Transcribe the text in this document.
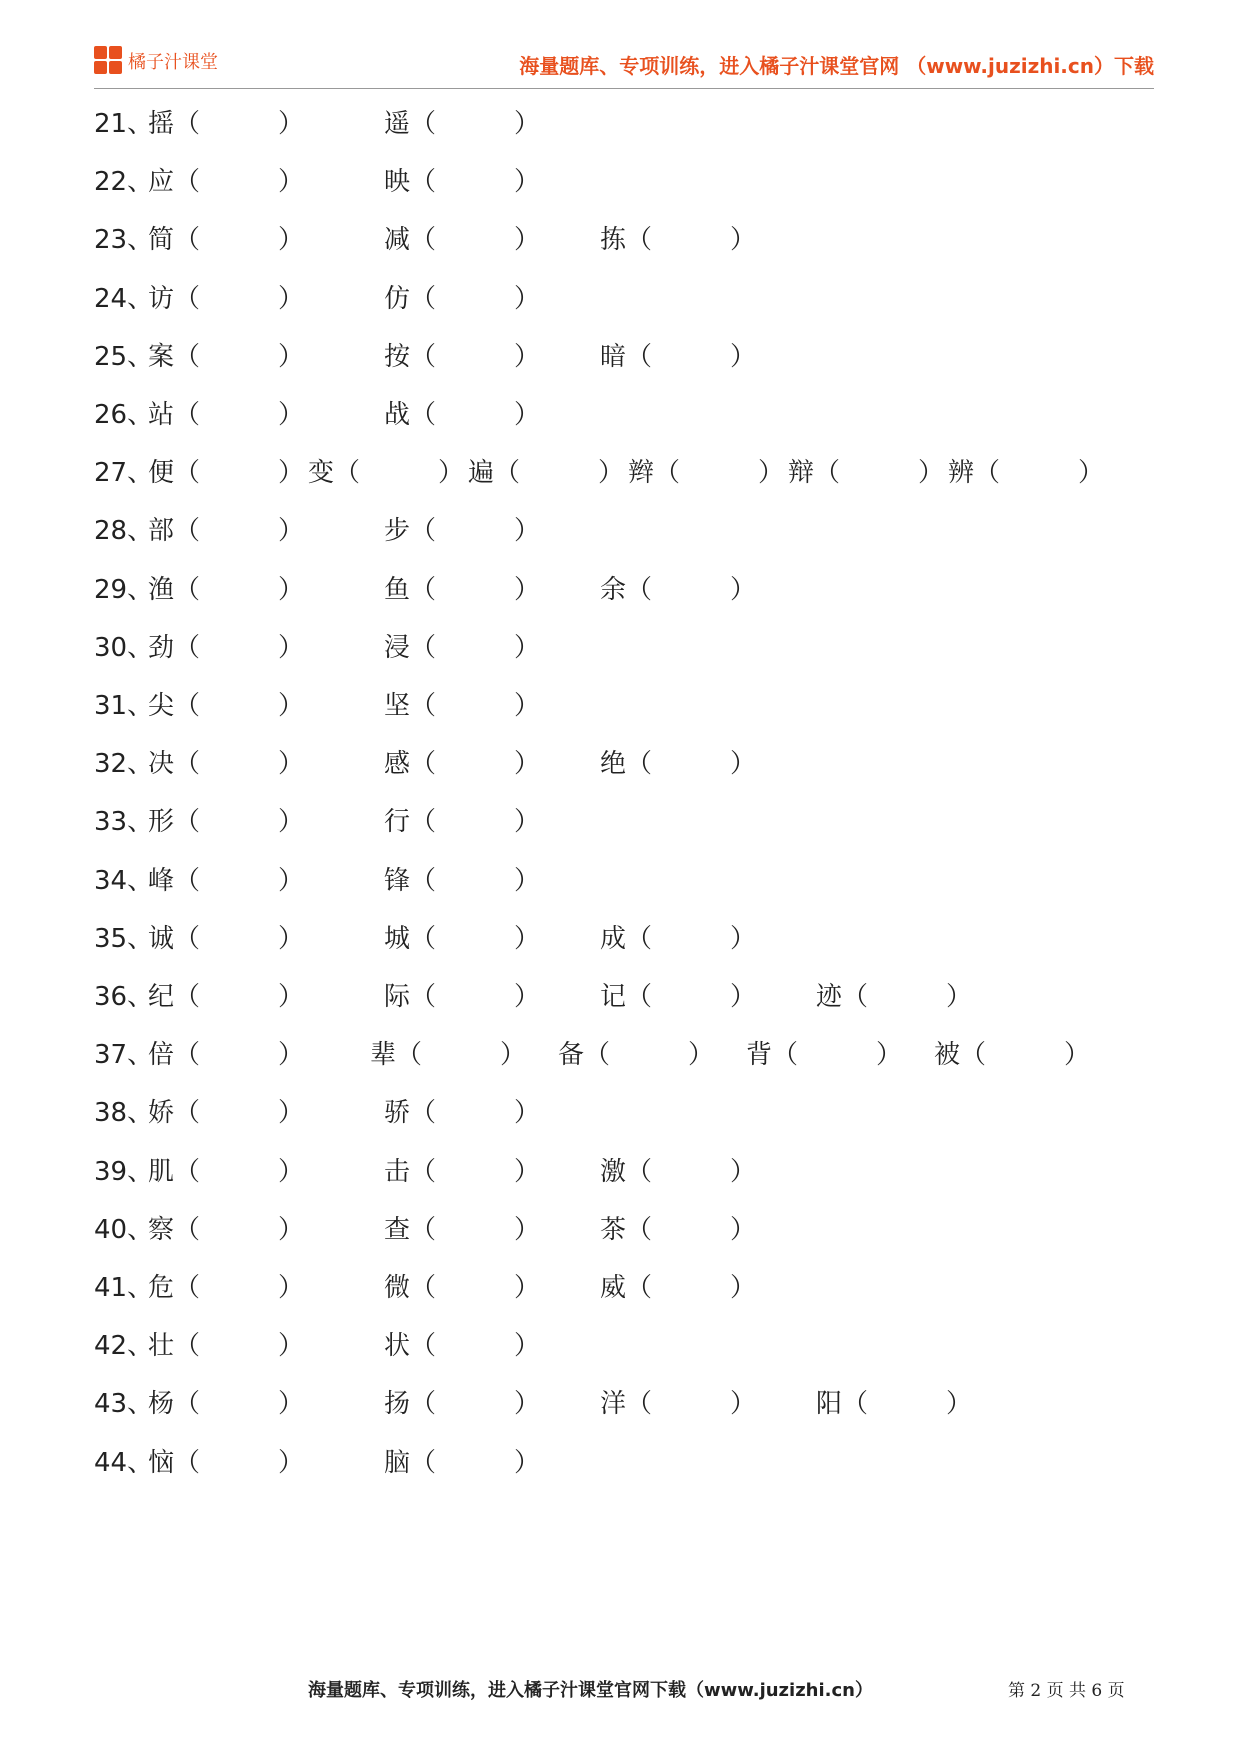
橘子汁课堂	海量题库、专项训练，进入橘子汁课堂官网 （www.juzizhi.cn）下载
21、
摇（　　　）	遥（　　　）
22、
应（　　　）	映（　　　）
23、
简（　　　）	减（　　　） 拣（　　　）
24、
访（　　　）	仿（　　　）
25、
案（　　　）	按（　　　） 暗（　　　）
26、
站（　　　）	战（　　　）
27、
便（　　　） 变（　　　） 遍（　　　） 辫（　　　） 辩（　　　） 辨（　　　）
28、
部（　　　）	步（　　　）
29、
渔（　　　）	鱼（　　　） 余（　　　）
30、
劲（　　　）	浸（　　　）
31、
尖（　　　）	坚（　　　）
32、
决（　　　）	感（　　　） 绝（　　　）
33、
形（　　　）	行（　　　）
34、
峰（　　　）	锋（　　　）
35、
诚（　　　）	城（　　　） 成（　　　）
36、
纪（　　　）	际（　　　） 记（　　　） 迹（　　　）
37、
倍（　　　）	辈（　　　） 备（　　　） 背（　　　） 被（　　　）
38、
娇（　　　）	骄（　　　）
39、
肌（　　　）	击（　　　） 激（　　　）
40、
察（　　　）	查（　　　） 茶（　　　）
41、
危（　　　）	微（　　　） 威（　　　）
42、
壮（　　　）	状（　　　）
43、
杨（　　　）	扬（　　　） 洋（　　　） 阳（　　　）
44、
恼（　　　）	脑（　　　）
海量题库、专项训练，进入橘子汁课堂官网下载（www.juzizhi.cn）	第 2 页 共 6 页
